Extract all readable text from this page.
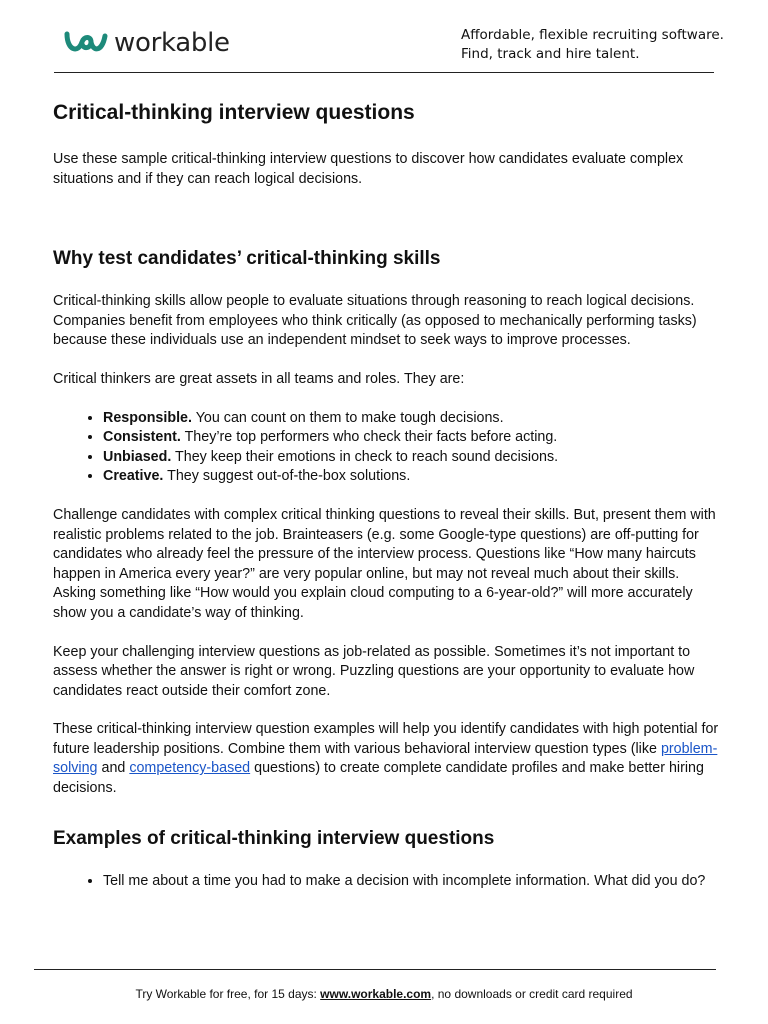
workable	Affordable, flexible recruiting software.
Find, track and hire talent.
Critical-thinking interview questions

Use these sample critical-thinking interview questions to discover how candidates evaluate complex situations and if they can reach logical decisions.

Why test candidates’ critical-thinking skills

Critical-thinking skills allow people to evaluate situations through reasoning to reach logical decisions. Companies benefit from employees who think critically (as opposed to mechanically performing tasks) because these individuals use an independent mindset to seek ways to improve processes.

Critical thinkers are great assets in all teams and roles. They are:

• Responsible. You can count on them to make tough decisions.
• Consistent. They’re top performers who check their facts before acting.
• Unbiased. They keep their emotions in check to reach sound decisions.
• Creative. They suggest out-of-the-box solutions.

Challenge candidates with complex critical thinking questions to reveal their skills. But, present them with realistic problems related to the job. Brainteasers (e.g. some Google-type questions) are off-putting for candidates who already feel the pressure of the interview process. Questions like “How many haircuts happen in America every year?” are very popular online, but may not reveal much about their skills. Asking something like “How would you explain cloud computing to a 6-year-old?” will more accurately show you a candidate’s way of thinking.

Keep your challenging interview questions as job-related as possible. Sometimes it’s not important to assess whether the answer is right or wrong. Puzzling questions are your opportunity to evaluate how candidates react outside their comfort zone.

These critical-thinking interview question examples will help you identify candidates with high potential for future leadership positions. Combine them with various behavioral interview question types (like problem-solving and competency-based questions) to create complete candidate profiles and make better hiring decisions.

Examples of critical-thinking interview questions
• Tell me about a time you had to make a decision with incomplete information. What did you do?
Try Workable for free, for 15 days: www.workable.com, no downloads or credit card required
